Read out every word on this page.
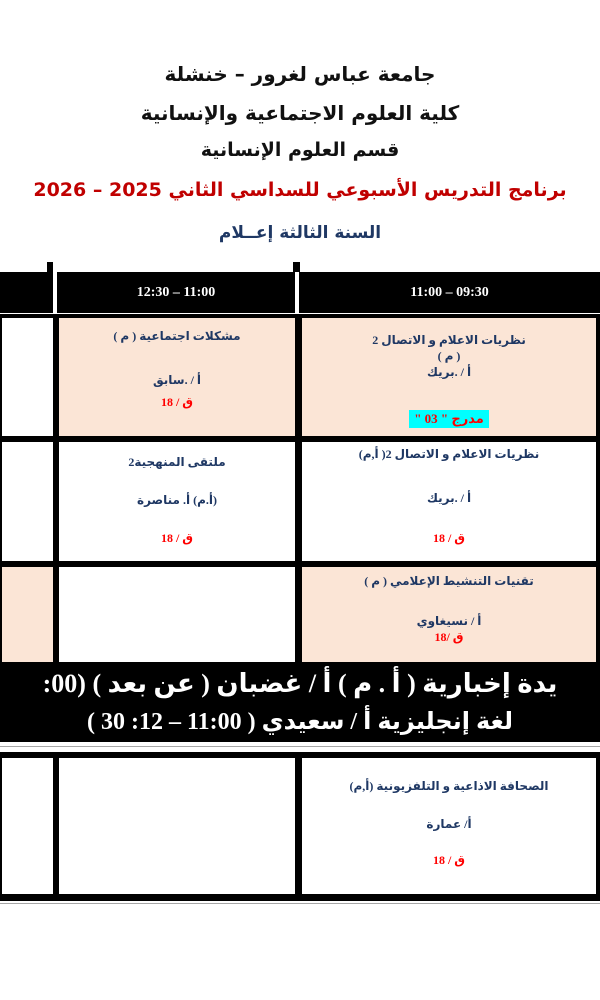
جامعة عباس لغرور – خنشلة
كلية العلوم الاجتماعية والإنسانية
قسم العلوم الإنسانية
برنامج التدريس الأسبوعي للسداسي الثاني 2025 – 2026
السنة الثالثة إعــلام
12:30 – 11:00	11:00 – 09:30
مشكلات اجتماعية ( م )
أ / .سابق
ق / 18
نظريات الاعلام و الاتصال 2
( م )
أ / .بريك
مدرج " 03 "
ملتقى المنهجية2
(أ.م) أ. مناصرة
ق / 18
نظريات الاعلام و الاتصال 2( أ,م)
أ / .بريك
ق / 18
تقنيات التنشيط الإعلامي ( م )
أ / نسيغاوي
ق /18
يدة إخبارية ( أ . م ) أ / غضبان ( عن بعد ) (00:
لغة إنجليزية أ / سعيدي ( 11:00 – 12: 30 )
الصحافة الاذاعية و التلفزيونية (أ,م)
أ/ عمارة
ق / 18
